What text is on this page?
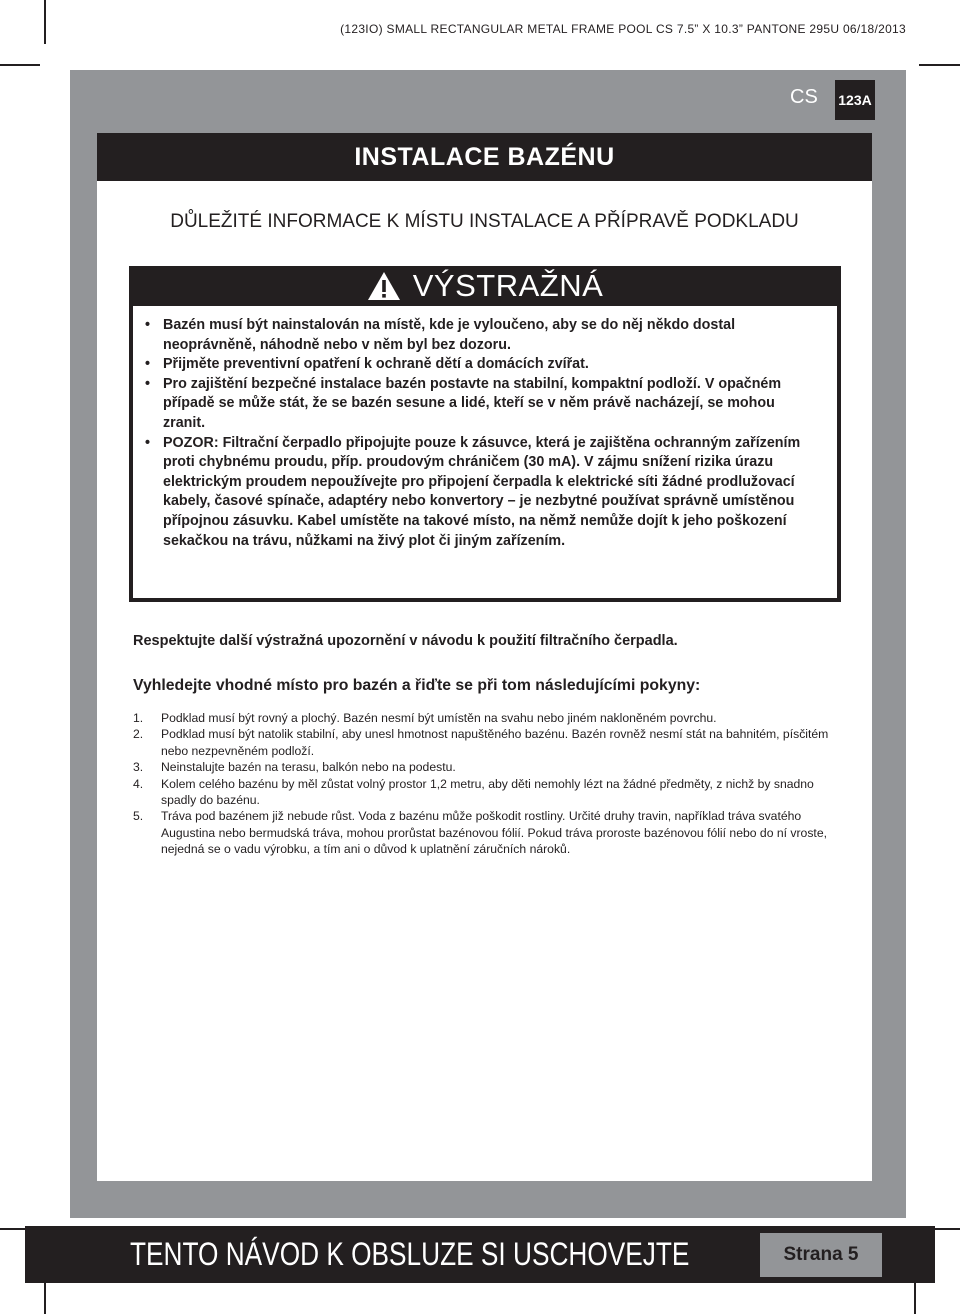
(123IO) SMALL RECTANGULAR METAL FRAME POOL CS 7.5” X 10.3” PANTONE 295U 06/18/2013
CS 123A
INSTALACE BAZÉNU
DŮLEŽITÉ INFORMACE K MÍSTU INSTALACE A PŘÍPRAVĚ PODKLADU
VÝSTRAŽNÁ
• Bazén musí být nainstalován na místě, kde je vyloučeno, aby se do něj někdo dostal neoprávněně, náhodně nebo v něm byl bez dozoru.
• Přijměte preventivní opatření k ochraně dětí a domácích zvířat.
• Pro zajištění bezpečné instalace bazén postavte na stabilní, kompaktní podloží. V opačném případě se může stát, že se bazén sesune a lidé, kteří se v něm právě nacházejí, se mohou zranit.
• POZOR: Filtrační čerpadlo připojujte pouze k zásuvce, která je zajištěna ochranným zařízením proti chybnému proudu, příp. proudovým chráničem (30 mA). V zájmu snížení rizika úrazu elektrickým proudem nepoužívejte pro připojení čerpadla k elektrické síti žádné prodlužovací kabely, časové spínače, adaptéry nebo konvertory – je nezbytné používat správně umístěnou přípojnou zásuvku. Kabel umístěte na takové místo, na němž nemůže dojít k jeho poškození sekačkou na trávu, nůžkami na živý plot či jiným zařízením.
Respektujte další výstražná upozornění v návodu k použití filtračního čerpadla.
Vyhledejte vhodné místo pro bazén a řiďte se při tom následujícími pokyny:
1. Podklad musí být rovný a plochý. Bazén nesmí být umístěn na svahu nebo jiném nakloněném povrchu.
2. Podklad musí být natolik stabilní, aby unesl hmotnost napuštěného bazénu. Bazén rovněž nesmí stát na bahnitém, písčitém nebo nezpevněném podloží.
3. Neinstalujte bazén na terasu, balkón nebo na podestu.
4. Kolem celého bazénu by měl zůstat volný prostor 1,2 metru, aby děti nemohly lézt na žádné předměty, z nichž by snadno spadly do bazénu.
5. Tráva pod bazénem již nebude růst. Voda z bazénu může poškodit rostliny. Určité druhy travin, například tráva svatého Augustina nebo bermudská tráva, mohou prorůstat bazénovou fólií. Pokud tráva proroste bazénovou fólií nebo do ní vroste, nejedná se o vadu výrobku, a tím ani o důvod k uplatnění záručních nároků.
TENTO NÁVOD K OBSLUZE SI USCHOVEJTE	Strana 5
